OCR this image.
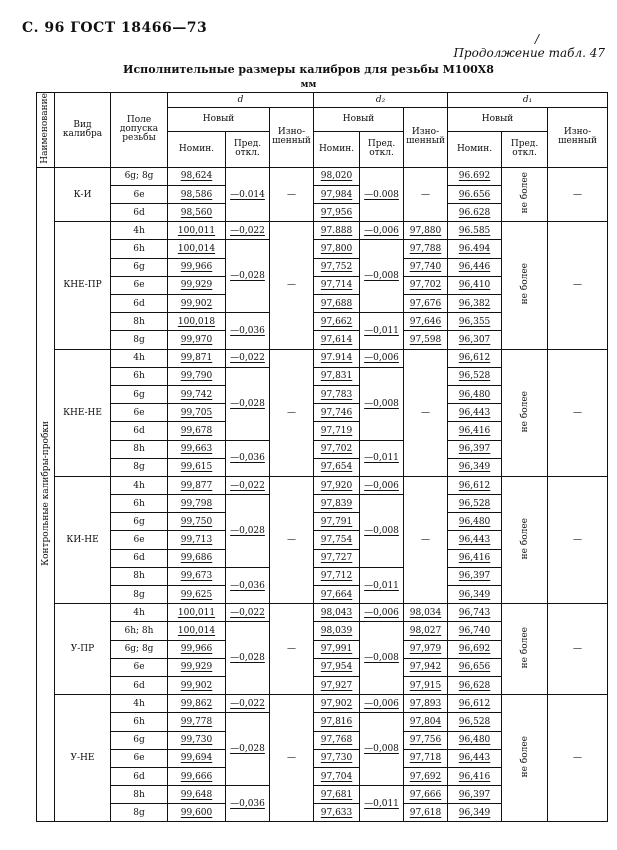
С. 96 ГОСТ 18466—73
/
Продолжение табл. 47
Исполнительные размеры калибров для резьбы М100Х8
мм
Наименование	Вид калибра	Поле допуска резьбы	d			d₂			d₁		
			Новый		Изно-шенный	Новый		Изно-шенный	Новый		Изно-шенный
			Номин.	Пред. откл.		Номин.	Пред. откл.		Номин.	Пред. откл.	
Контрольные калибры-пробки	К-И	6g; 8g	98,624	—0.014	—	98,020	—0.008	—	96.692	не более	—
		6e	98,586			97,984			96.656		
		6d	98,560			97,956			96.628		
	КНЕ-ПР	4h	100,011	—0,022	—	97.888	—0,006	97,880	96.585	не более	—
		6h	100,014	—0,028		97,800	—0,008	97,788	96.494		
		6g	99,966			97,752		97,740	96,446		
		6e	99,929			97,714		97,702	96,410		
		6d	99,902			97,688		97,676	96,382		
		8h	100,018	—0,036		97,662	—0,011	97,646	96,355		
		8g	99,970			97,614		97,598	96,307		
	КНЕ-НЕ	4h	99,871	—0,022	—	97.914	—0,006	—	96,612	не более	—
		6h	99,790	—0,028		97,831	—0,008		96,528		
		6g	99,742			97,783			96,480		
		6e	99,705			97,746			96,443		
		6d	99,678			97,719			96,416		
		8h	99,663	—0,036		97,702	—0,011		96,397		
		8g	99,615			97,654			96,349		
	КИ-НЕ	4h	99,877	—0,022	—	97,920	—0,006	—	96,612	не более	—
		6h	99,798	—0,028		97,839	—0,008		96,528		
		6g	99,750			97,791			96,480		
		6e	99,713			97,754			96,443		
		6d	99,686			97,727			96,416		
		8h	99,673	—0,036		97,712	—0,011		96,397		
		8g	99,625			97,664			96,349		
	У-ПР	4h	100,011	—0,022	—	98,043	—0,006	98,034	96,743	не более	—
		6h; 8h	100,014	—0,028		98,039	—0,008	98,027	96,740		
		6g; 8g	99,966			97,991		97,979	96,692		
		6e	99,929			97,954		97,942	96,656		
		6d	99,902			97,927		97,915	96,628		
	У-НЕ	4h	99,862	—0,022	—	97,902	—0,006	97,893	96,612	не более	—
		6h	99,778	—0,028		97,816	—0,008	97,804	96,528		
		6g	99,730			97,768		97,756	96,480		
		6e	99,694			97,730		97,718	96,443		
		6d	99,666			97,704		97,692	96,416		
		8h	99,648	—0,036		97,681	—0,011	97,666	96,397		
		8g	99,600			97,633		97,618	96,349		
